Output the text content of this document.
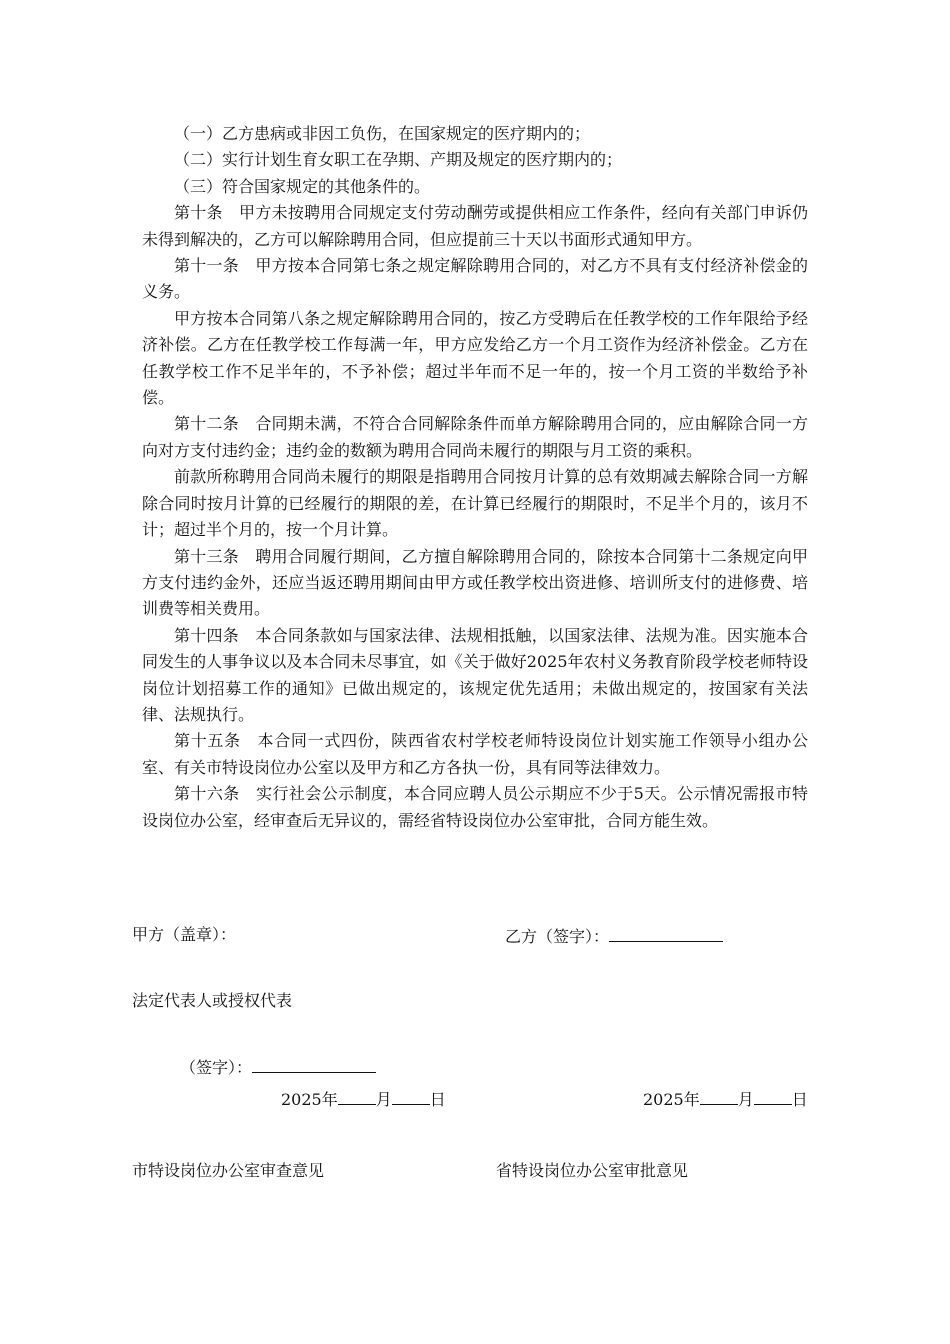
（一）乙方患病或非因工负伤，在国家规定的医疗期内的；

（二）实行计划生育女职工在孕期、产期及规定的医疗期内的；

（三）符合国家规定的其他条件的。

第十条　甲方未按聘用合同规定支付劳动酬劳或提供相应工作条件，经向有关部门申诉仍未得到解决的，乙方可以解除聘用合同，但应提前三十天以书面形式通知甲方。

第十一条　甲方按本合同第七条之规定解除聘用合同的，对乙方不具有支付经济补偿金的义务。

甲方按本合同第八条之规定解除聘用合同的，按乙方受聘后在任教学校的工作年限给予经济补偿。乙方在任教学校工作每满一年，甲方应发给乙方一个月工资作为经济补偿金。乙方在任教学校工作不足半年的，不予补偿；超过半年而不足一年的，按一个月工资的半数给予补偿。

第十二条　合同期未满，不符合合同解除条件而单方解除聘用合同的，应由解除合同一方向对方支付违约金；违约金的数额为聘用合同尚未履行的期限与月工资的乘积。

前款所称聘用合同尚未履行的期限是指聘用合同按月计算的总有效期减去解除合同一方解除合同时按月计算的已经履行的期限的差，在计算已经履行的期限时，不足半个月的，该月不计；超过半个月的，按一个月计算。

第十三条　聘用合同履行期间，乙方擅自解除聘用合同的，除按本合同第十二条规定向甲方支付违约金外，还应当返还聘用期间由甲方或任教学校出资进修、培训所支付的进修费、培训费等相关费用。

第十四条　本合同条款如与国家法律、法规相抵触，以国家法律、法规为准。因实施本合同发生的人事争议以及本合同未尽事宜，如《关于做好2025年农村义务教育阶段学校老师特设岗位计划招募工作的通知》已做出规定的，该规定优先适用；未做出规定的，按国家有关法律、法规执行。

第十五条　本合同一式四份，陕西省农村学校老师特设岗位计划实施工作领导小组办公室、有关市特设岗位办公室以及甲方和乙方各执一份，具有同等法律效力。

第十六条　实行社会公示制度，本合同应聘人员公示期应不少于5天。公示情况需报市特设岗位办公室，经审查后无异议的，需经省特设岗位办公室审批，合同方能生效。

甲方（盖章）：	乙方（签字）：
法定代表人或授权代表
（签字）：
2025年 月 日	2025年 月 日
市特设岗位办公室审查意见	省特设岗位办公室审批意见
